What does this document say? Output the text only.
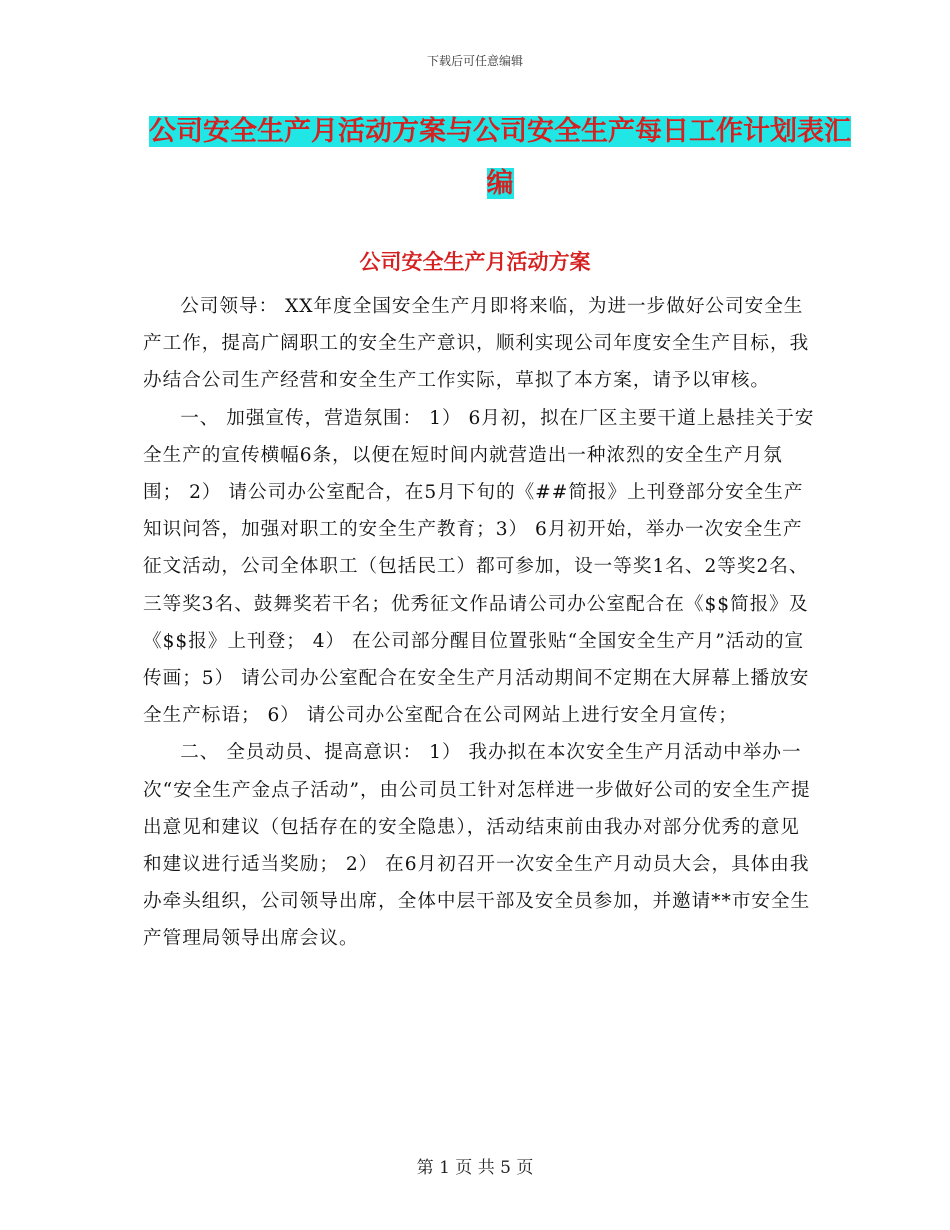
下载后可任意编辑
公司安全生产月活动方案与公司安全生产每日工作计划表汇编
公司安全生产月活动方案

公司领导： XX年度全国安全生产月即将来临，为进一步做好公司安全生产工作，提高广阔职工的安全生产意识，顺利实现公司年度安全生产目标，我办结合公司生产经营和安全生产工作实际，草拟了本方案，请予以审核。

一、 加强宣传，营造氛围： 1） 6月初，拟在厂区主要干道上悬挂关于安全生产的宣传横幅6条，以便在短时间内就营造出一种浓烈的安全生产月氛围； 2） 请公司办公室配合，在5月下旬的《##简报》上刊登部分安全生产知识问答，加强对职工的安全生产教育；3） 6月初开始，举办一次安全生产征文活动，公司全体职工（包括民工）都可参加，设一等奖1名、2等奖2名、三等奖3名、鼓舞奖若干名；优秀征文作品请公司办公室配合在《$$简报》及《$$报》上刊登； 4） 在公司部分醒目位置张贴“全国安全生产月”活动的宣传画；5） 请公司办公室配合在安全生产月活动期间不定期在大屏幕上播放安全生产标语； 6） 请公司办公室配合在公司网站上进行安全月宣传；

二、 全员动员、提高意识： 1） 我办拟在本次安全生产月活动中举办一次“安全生产金点子活动”，由公司员工针对怎样进一步做好公司的安全生产提出意见和建议（包括存在的安全隐患），活动结束前由我办对部分优秀的意见和建议进行适当奖励； 2） 在6月初召开一次安全生产月动员大会，具体由我办牵头组织，公司领导出席，全体中层干部及安全员参加，并邀请**市安全生产管理局领导出席会议。

第 1 页 共 5 页
